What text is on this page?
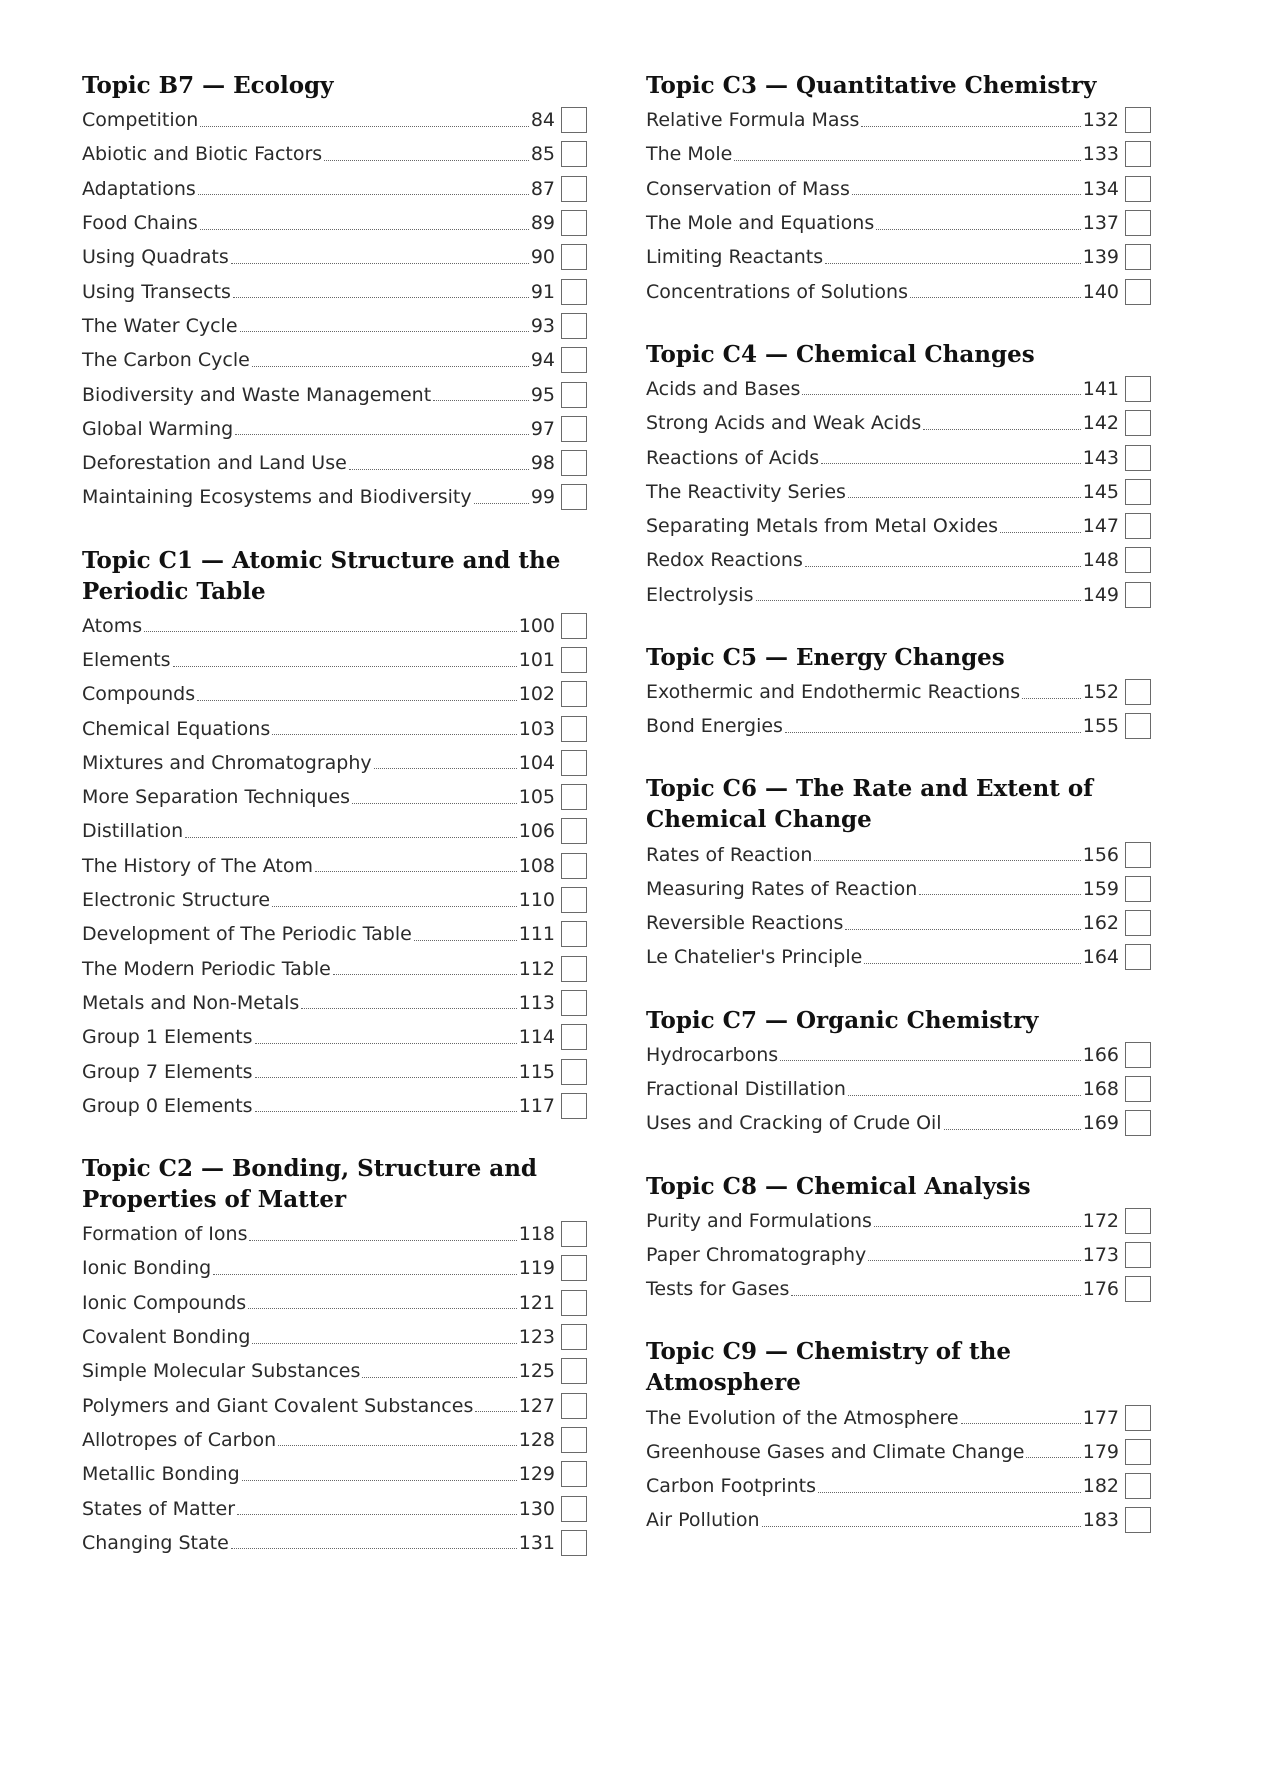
Topic B7 — Ecology
Competition	84
Abiotic and Biotic Factors	85
Adaptations	87
Food Chains	89
Using Quadrats	90
Using Transects	91
The Water Cycle	93
The Carbon Cycle	94
Biodiversity and Waste Management	95
Global Warming	97
Deforestation and Land Use	98
Maintaining Ecosystems and Biodiversity	99
Topic C1 — Atomic Structure and the Periodic Table
Atoms	100
Elements	101
Compounds	102
Chemical Equations	103
Mixtures and Chromatography	104
More Separation Techniques	105
Distillation	106
The History of The Atom	108
Electronic Structure	110
Development of The Periodic Table	111
The Modern Periodic Table	112
Metals and Non-Metals	113
Group 1 Elements	114
Group 7 Elements	115
Group 0 Elements	117
Topic C2 — Bonding, Structure and Properties of Matter
Formation of Ions	118
Ionic Bonding	119
Ionic Compounds	121
Covalent Bonding	123
Simple Molecular Substances	125
Polymers and Giant Covalent Substances 127
Allotropes of Carbon	128
Metallic Bonding	129
States of Matter	130
Changing State	131
Topic C3 — Quantitative Chemistry
Relative Formula Mass	132
The Mole	133
Conservation of Mass	134
The Mole and Equations	137
Limiting Reactants	139
Concentrations of Solutions	140
Topic C4 — Chemical Changes
Acids and Bases	141
Strong Acids and Weak Acids	142
Reactions of Acids	143
The Reactivity Series	145
Separating Metals from Metal Oxides	147
Redox Reactions	148
Electrolysis	149
Topic C5 — Energy Changes
Exothermic and Endothermic Reactions	152
Bond Energies	155
Topic C6 — The Rate and Extent of Chemical Change
Rates of Reaction	156
Measuring Rates of Reaction	159
Reversible Reactions	162
Le Chatelier's Principle	164
Topic C7 — Organic Chemistry
Hydrocarbons	166
Fractional Distillation	168
Uses and Cracking of Crude Oil	169
Topic C8 — Chemical Analysis
Purity and Formulations	172
Paper Chromatography	173
Tests for Gases	176
Topic C9 — Chemistry of the Atmosphere
The Evolution of the Atmosphere	177
Greenhouse Gases and Climate Change	179
Carbon Footprints	182
Air Pollution	183
